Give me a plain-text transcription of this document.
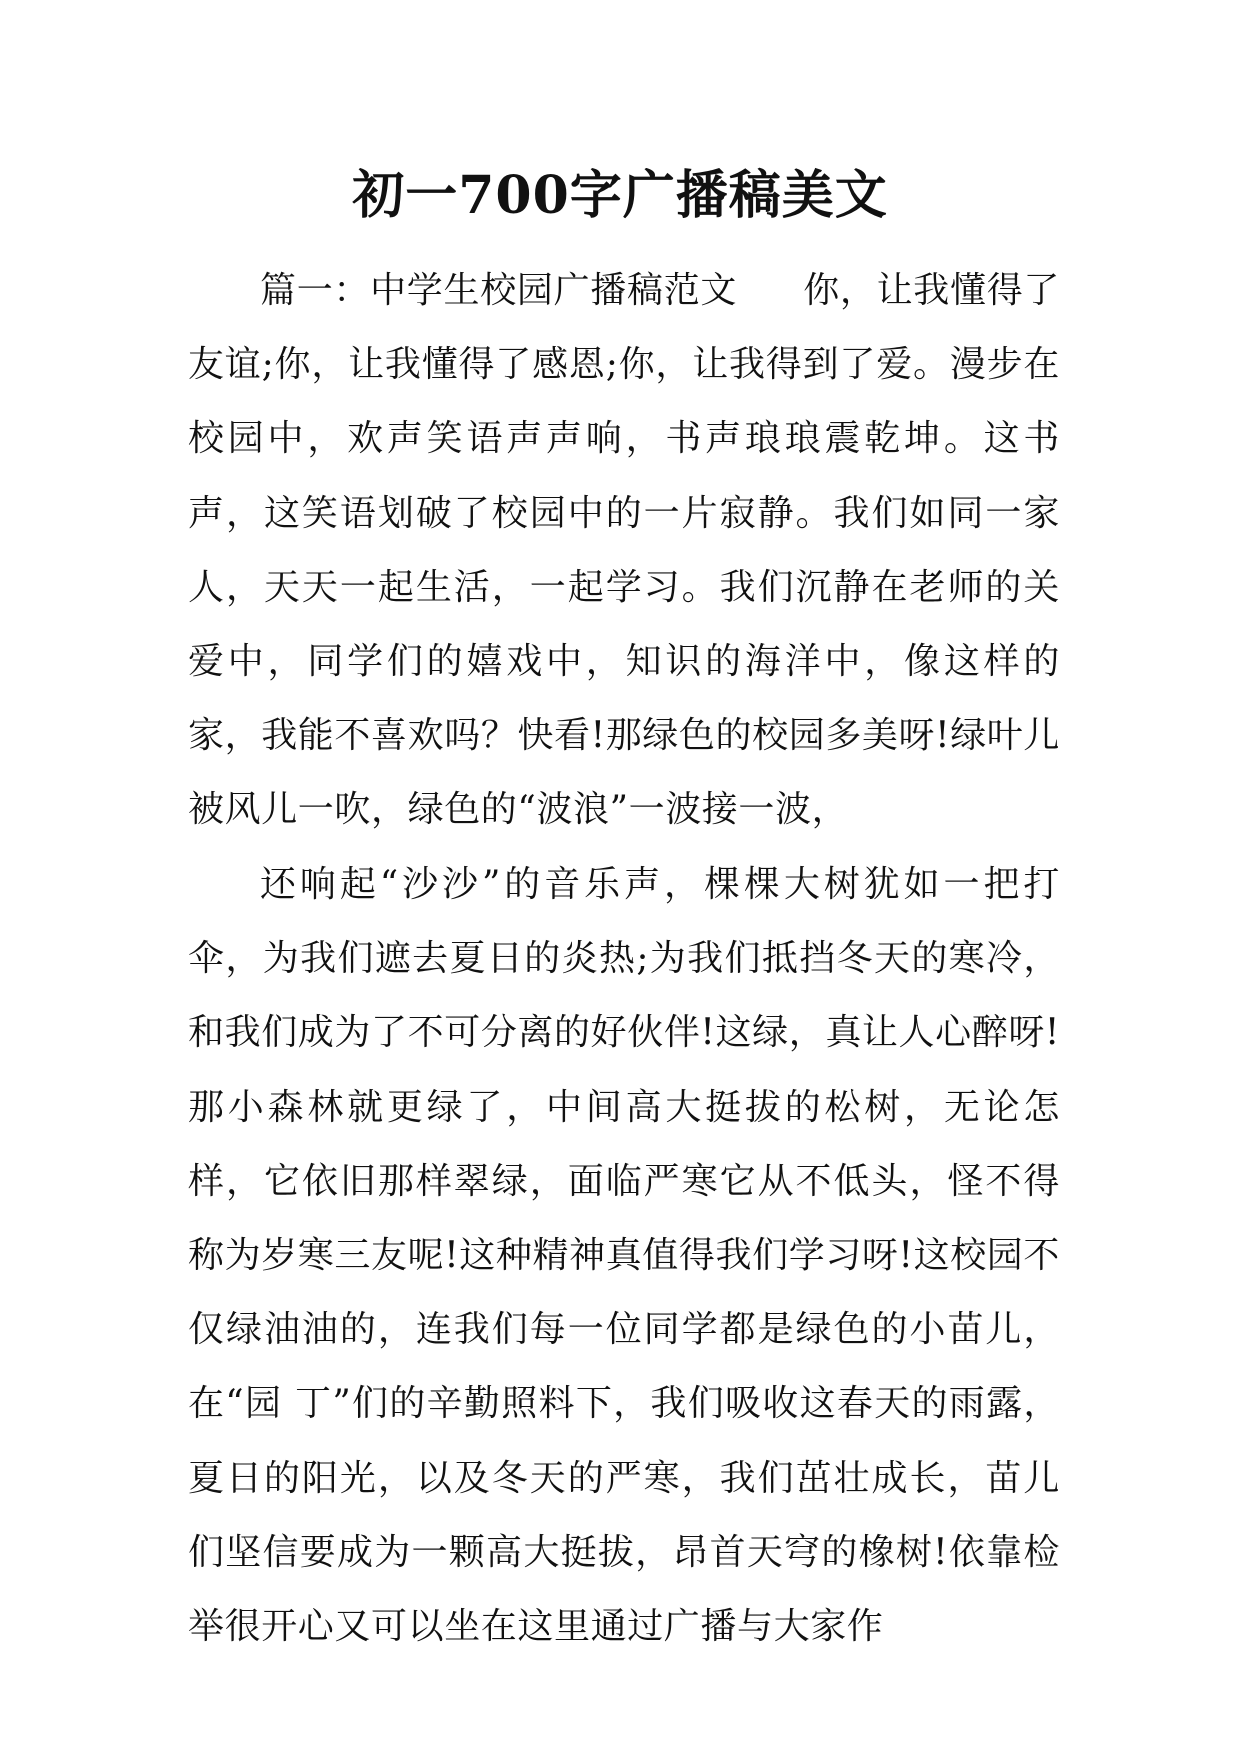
初一700字广播稿美文

篇一：中学生校园广播稿范文 你，让我懂得了友谊;你，让我懂得了感恩;你，让我得到了爱。漫步在校园中，欢声笑语声声响，书声琅琅震乾坤。这书声，这笑语划破了校园中的一片寂静。我们如同一家人，天天一起生活，一起学习。我们沉静在老师的关爱中，同学们的嬉戏中，知识的海洋中，像这样的家，我能不喜欢吗？快看!那绿色的校园多美呀!绿叶儿被风儿一吹，绿色的“波浪”一波接一波，

还响起“沙沙”的音乐声，棵棵大树犹如一把打伞，为我们遮去夏日的炎热;为我们抵挡冬天的寒冷，和我们成为了不可分离的好伙伴!这绿，真让人心醉呀!那小森林就更绿了，中间高大挺拔的松树，无论怎样，它依旧那样翠绿，面临严寒它从不低头，怪不得称为岁寒三友呢!这种精神真值得我们学习呀!这校园不仅绿油油的，连我们每一位同学都是绿色的小苗儿，在“园 丁”们的辛勤照料下，我们吸收这春天的雨露，夏日的阳光，以及冬天的严寒，我们茁壮成长，苗儿们坚信要成为一颗高大挺拔，昂首天穹的橡树!依靠检举很开心又可以坐在这里通过广播与大家作
